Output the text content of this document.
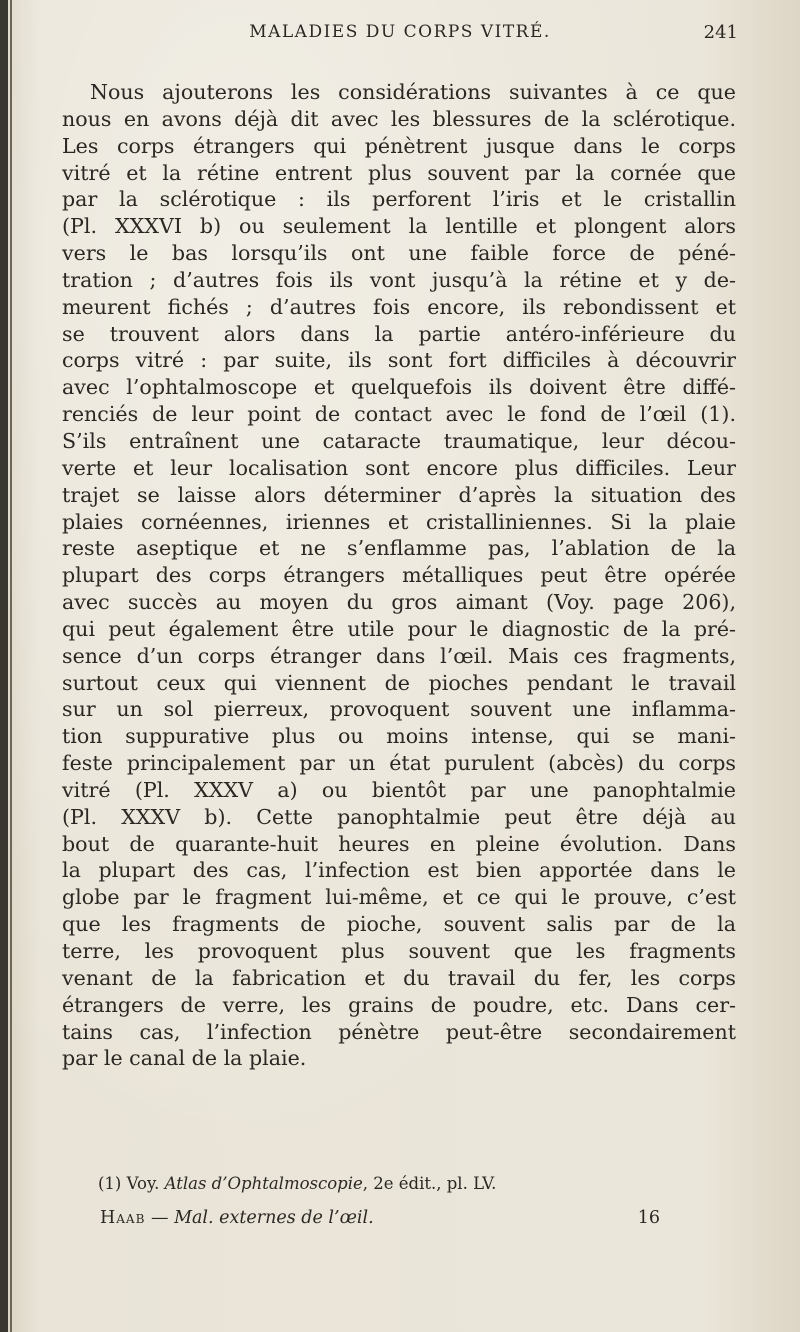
MALADIES DU CORPS VITRÉ.	241
Nous ajouterons les considérations suivantes à ce que
nous en avons déjà dit avec les blessures de la sclérotique.
Les corps étrangers qui pénètrent jusque dans le corps
vitré et la rétine entrent plus souvent par la cornée que
par la sclérotique : ils perforent l’iris et le cristallin
(Pl. XXXVI b) ou seulement la lentille et plongent alors
vers le bas lorsqu’ils ont une faible force de péné-
tration ; d’autres fois ils vont jusqu’à la rétine et y de-
meurent fichés ; d’autres fois encore, ils rebondissent et
se trouvent alors dans la partie antéro-inférieure du
corps vitré : par suite, ils sont fort difficiles à découvrir
avec l’ophtalmoscope et quelquefois ils doivent être diffé-
renciés de leur point de contact avec le fond de l’œil (1).
S’ils entraînent une cataracte traumatique, leur décou-
verte et leur localisation sont encore plus difficiles. Leur
trajet se laisse alors déterminer d’après la situation des
plaies cornéennes, iriennes et cristalliniennes. Si la plaie
reste aseptique et ne s’enflamme pas, l’ablation de la
plupart des corps étrangers métalliques peut être opérée
avec succès au moyen du gros aimant (Voy. page 206),
qui peut également être utile pour le diagnostic de la pré-
sence d’un corps étranger dans l’œil. Mais ces fragments,
surtout ceux qui viennent de pioches pendant le travail
sur un sol pierreux, provoquent souvent une inflamma-
tion suppurative plus ou moins intense, qui se mani-
feste principalement par un état purulent (abcès) du corps
vitré (Pl. XXXV a) ou bientôt par une panophtalmie
(Pl. XXXV b). Cette panophtalmie peut être déjà au
bout de quarante-huit heures en pleine évolution. Dans
la plupart des cas, l’infection est bien apportée dans le
globe par le fragment lui-même, et ce qui le prouve, c’est
que les fragments de pioche, souvent salis par de la
terre, les provoquent plus souvent que les fragments
venant de la fabrication et du travail du fer, les corps
étrangers de verre, les grains de poudre, etc. Dans cer-
tains cas, l’infection pénètre peut-être secondairement
par le canal de la plaie.
(1) Voy. Atlas d’Ophtalmoscopie, 2e édit., pl. LV.
Haab — Mal. externes de l’œil.	16
